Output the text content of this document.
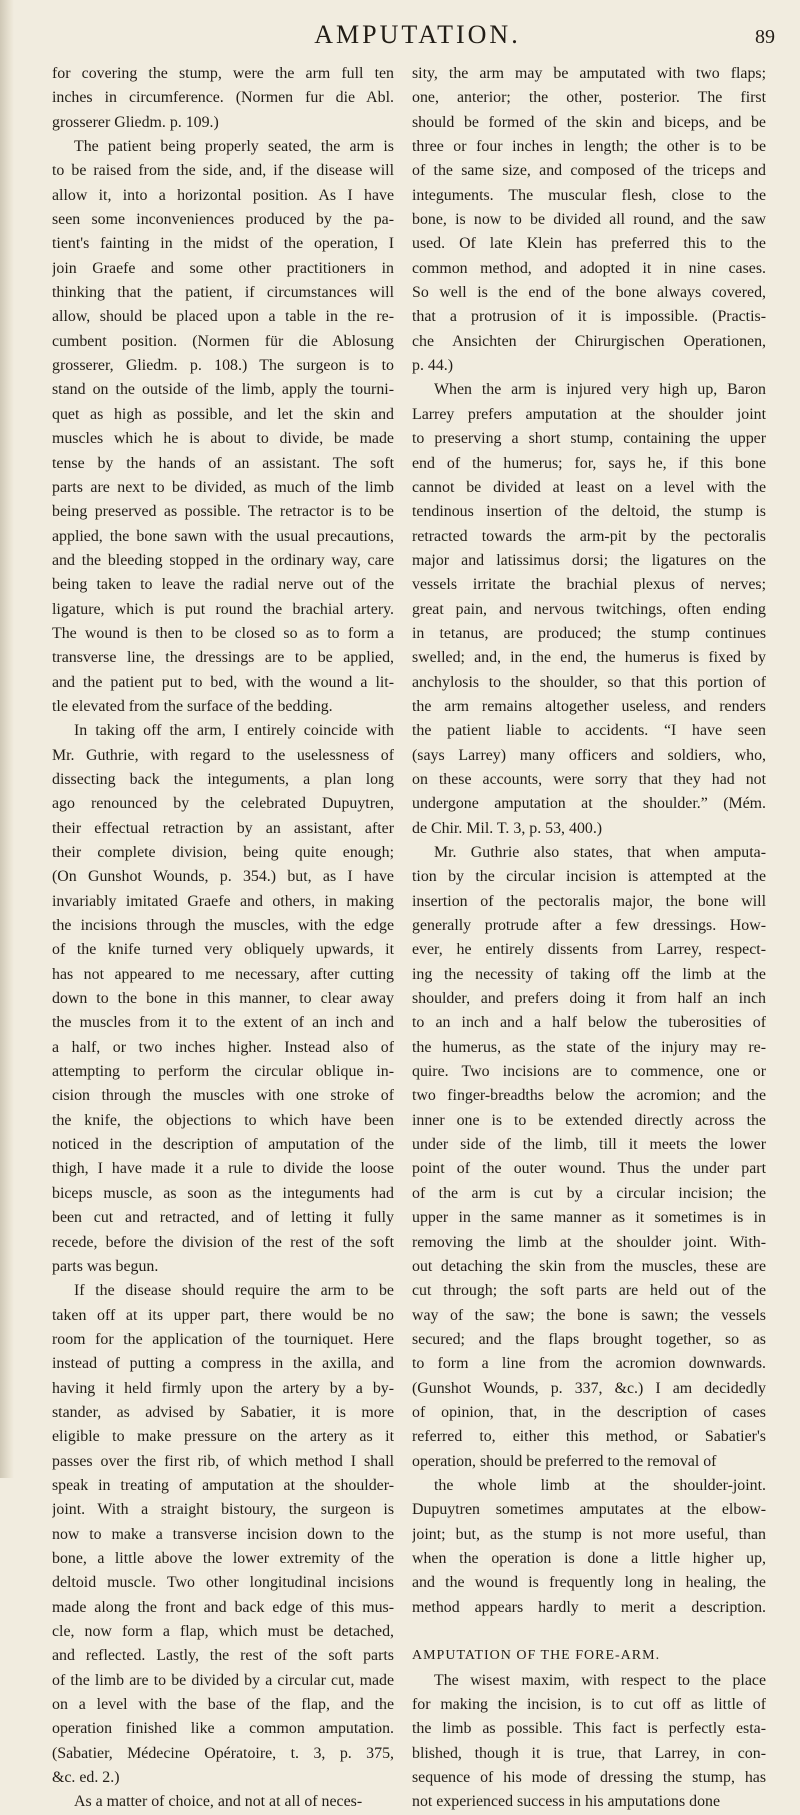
AMPUTATION.	89
for covering the stump, were the arm full ten
inches in circumference. (Normen fur die Abl.
grosserer Gliedm. p. 109.)
The patient being properly seated, the arm is
to be raised from the side, and, if the disease will
allow it, into a horizontal position. As I have
seen some inconveniences produced by the pa-
tient's fainting in the midst of the operation, I
join Graefe and some other practitioners in
thinking that the patient, if circumstances will
allow, should be placed upon a table in the re-
cumbent position. (Normen für die Ablosung
grosserer, Gliedm. p. 108.) The surgeon is to
stand on the outside of the limb, apply the tourni-
quet as high as possible, and let the skin and
muscles which he is about to divide, be made
tense by the hands of an assistant. The soft
parts are next to be divided, as much of the limb
being preserved as possible. The retractor is to be
applied, the bone sawn with the usual precautions,
and the bleeding stopped in the ordinary way, care
being taken to leave the radial nerve out of the
ligature, which is put round the brachial artery.
The wound is then to be closed so as to form a
transverse line, the dressings are to be applied,
and the patient put to bed, with the wound a lit-
tle elevated from the surface of the bedding.
In taking off the arm, I entirely coincide with
Mr. Guthrie, with regard to the uselessness of
dissecting back the integuments, a plan long
ago renounced by the celebrated Dupuytren,
their effectual retraction by an assistant, after
their complete division, being quite enough;
(On Gunshot Wounds, p. 354.) but, as I have
invariably imitated Graefe and others, in making
the incisions through the muscles, with the edge
of the knife turned very obliquely upwards, it
has not appeared to me necessary, after cutting
down to the bone in this manner, to clear away
the muscles from it to the extent of an inch and
a half, or two inches higher. Instead also of
attempting to perform the circular oblique in-
cision through the muscles with one stroke of
the knife, the objections to which have been
noticed in the description of amputation of the
thigh, I have made it a rule to divide the loose
biceps muscle, as soon as the integuments had
been cut and retracted, and of letting it fully
recede, before the division of the rest of the soft
parts was begun.
If the disease should require the arm to be
taken off at its upper part, there would be no
room for the application of the tourniquet. Here
instead of putting a compress in the axilla, and
having it held firmly upon the artery by a by-
stander, as advised by Sabatier, it is more
eligible to make pressure on the artery as it
passes over the first rib, of which method I shall
speak in treating of amputation at the shoulder-
joint. With a straight bistoury, the surgeon is
now to make a transverse incision down to the
bone, a little above the lower extremity of the
deltoid muscle. Two other longitudinal incisions
made along the front and back edge of this mus-
cle, now form a flap, which must be detached,
and reflected. Lastly, the rest of the soft parts
of the limb are to be divided by a circular cut, made
on a level with the base of the flap, and the
operation finished like a common amputation.
(Sabatier, Médecine Opératoire, t. 3, p. 375,
&c. ed. 2.)
As a matter of choice, and not at all of neces-
sity, the arm may be amputated with two flaps;
one, anterior; the other, posterior. The first
should be formed of the skin and biceps, and be
three or four inches in length; the other is to be
of the same size, and composed of the triceps and
integuments. The muscular flesh, close to the
bone, is now to be divided all round, and the saw
used. Of late Klein has preferred this to the
common method, and adopted it in nine cases.
So well is the end of the bone always covered,
that a protrusion of it is impossible. (Practis-
che Ansichten der Chirurgischen Operationen,
p. 44.)
When the arm is injured very high up, Baron
Larrey prefers amputation at the shoulder joint
to preserving a short stump, containing the upper
end of the humerus; for, says he, if this bone
cannot be divided at least on a level with the
tendinous insertion of the deltoid, the stump is
retracted towards the arm-pit by the pectoralis
major and latissimus dorsi; the ligatures on the
vessels irritate the brachial plexus of nerves;
great pain, and nervous twitchings, often ending
in tetanus, are produced; the stump continues
swelled; and, in the end, the humerus is fixed by
anchylosis to the shoulder, so that this portion of
the arm remains altogether useless, and renders
the patient liable to accidents. “I have seen
(says Larrey) many officers and soldiers, who,
on these accounts, were sorry that they had not
undergone amputation at the shoulder.” (Mém.
de Chir. Mil. T. 3, p. 53, 400.)
Mr. Guthrie also states, that when amputa-
tion by the circular incision is attempted at the
insertion of the pectoralis major, the bone will
generally protrude after a few dressings. How-
ever, he entirely dissents from Larrey, respect-
ing the necessity of taking off the limb at the
shoulder, and prefers doing it from half an inch
to an inch and a half below the tuberosities of
the humerus, as the state of the injury may re-
quire. Two incisions are to commence, one or
two finger-breadths below the acromion; and the
inner one is to be extended directly across the
under side of the limb, till it meets the lower
point of the outer wound. Thus the under part
of the arm is cut by a circular incision; the
upper in the same manner as it sometimes is in
removing the limb at the shoulder joint. With-
out detaching the skin from the muscles, these are
cut through; the soft parts are held out of the
way of the saw; the bone is sawn; the vessels
secured; and the flaps brought together, so as
to form a line from the acromion downwards.
(Gunshot Wounds, p. 337, &c.) I am decidedly
of opinion, that, in the description of cases
referred to, either this method, or Sabatier's
operation, should be preferred to the removal of
the whole limb at the shoulder-joint.
Dupuytren sometimes amputates at the elbow-
joint; but, as the stump is not more useful, than
when the operation is done a little higher up,
and the wound is frequently long in healing, the
method appears hardly to merit a description.
AMPUTATION OF THE FORE-ARM.
The wisest maxim, with respect to the place
for making the incision, is to cut off as little of
the limb as possible. This fact is perfectly esta-
blished, though it is true, that Larrey, in con-
sequence of his mode of dressing the stump, has
not experienced success in his amputations done
